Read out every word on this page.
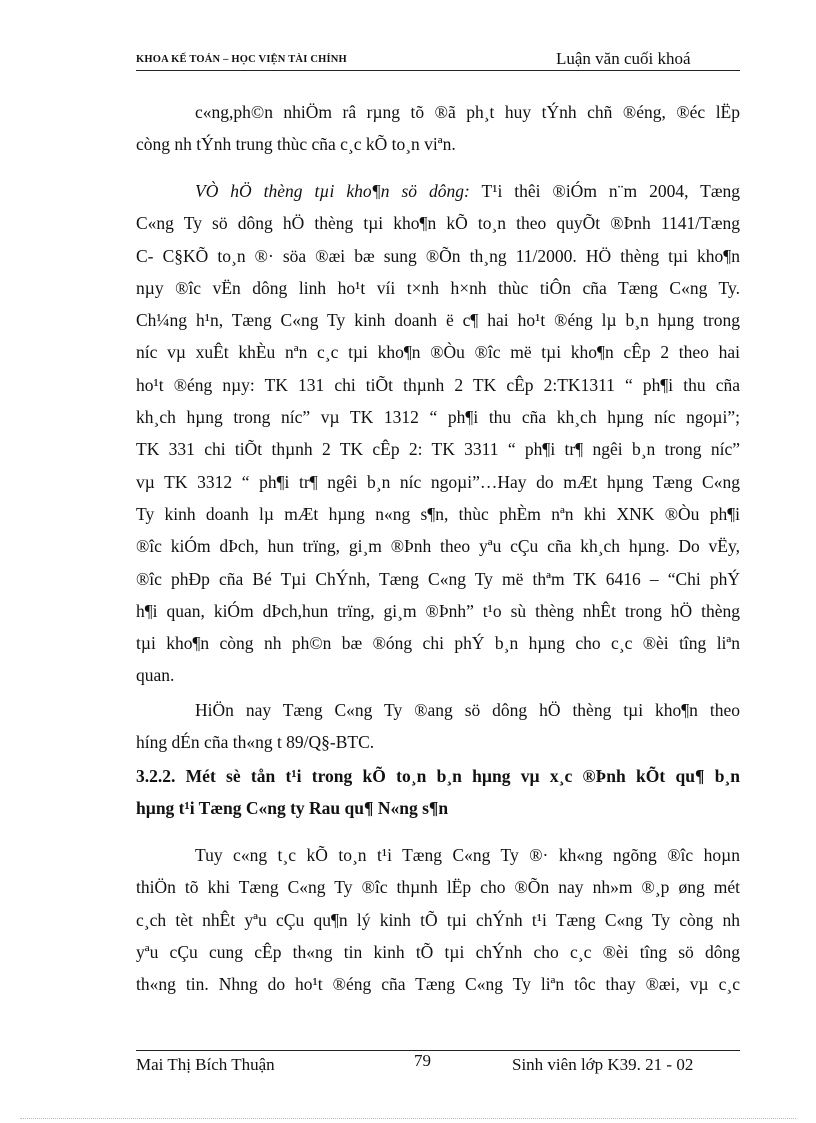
KHOA KẾ TOÁN – HỌC VIỆN TÀI CHÍNH	Luận văn cuối khoá

c«ng,ph©n nhiÖm râ rµng tõ ®ã ph¸t huy tÝnh chñ ®éng, ®éc lËp

còng nh tÝnh trung thùc cña c¸c kÕ to¸n viªn.

VÒ hÖ thèng tµi kho¶n sö dông: T¹i thêi ®iÓm n¨m 2004, Tæng

C«ng Ty sö dông hÖ thèng tµi kho¶n kÕ to¸n theo quyÕt ®Þnh 1141/Tæng

C- C§KÕ to¸n ®· söa ®æi bæ sung ®Õn th¸ng 11/2000. HÖ thèng tµi kho¶n

nµy ®îc vËn dông linh ho¹t víi t×nh h×nh thùc tiÔn cña Tæng C«ng Ty.

Ch¼ng h¹n, Tæng C«ng Ty kinh doanh ë c¶ hai ho¹t ®éng lµ b¸n hµng trong

níc vµ xuÊt khÈu nªn c¸c tµi kho¶n ®Òu ®îc më tµi kho¶n cÊp 2 theo hai

ho¹t ®éng nµy: TK 131 chi tiÕt thµnh 2 TK cÊp 2:TK1311 “ ph¶i thu cña

kh¸ch hµng trong níc” vµ TK 1312 “ ph¶i thu cña kh¸ch hµng níc ngoµi”;

TK 331 chi tiÕt thµnh 2 TK cÊp 2: TK 3311 “ ph¶i tr¶ ngêi b¸n trong níc”

vµ TK 3312 “ ph¶i tr¶ ngêi b¸n níc ngoµi”…Hay do mÆt hµng Tæng C«ng

Ty kinh doanh lµ mÆt hµng n«ng s¶n, thùc phÈm nªn khi XNK ®Òu ph¶i

®îc kiÓm dÞch, hun trïng, gi¸m ®Þnh theo yªu cÇu cña kh¸ch hµng. Do vËy,

®îc phÐp cña Bé Tµi ChÝnh, Tæng C«ng Ty më thªm TK 6416 – “Chi phÝ

h¶i quan, kiÓm dÞch,hun trïng, gi¸m ®Þnh” t¹o sù thèng nhÊt trong hÖ thèng

tµi kho¶n còng nh ph©n bæ ®óng chi phÝ b¸n hµng cho c¸c ®èi tîng liªn

quan.

HiÖn nay Tæng C«ng Ty ®ang sö dông hÖ thèng tµi kho¶n theo

híng dÉn cña th«ng t 89/Q§-BTC.

3.2.2. Mét sè tån t¹i trong kÕ to¸n b¸n hµng vµ x¸c ®Þnh kÕt qu¶ b¸n

hµng t¹i Tæng C«ng ty Rau qu¶ N«ng s¶n

Tuy c«ng t¸c kÕ to¸n t¹i Tæng C«ng Ty ®· kh«ng ngõng ®îc hoµn

thiÖn tõ khi Tæng C«ng Ty ®îc thµnh lËp cho ®Õn nay nh»m ®¸p øng mét

c¸ch tèt nhÊt yªu cÇu qu¶n lý kinh tÕ tµi chÝnh t¹i Tæng C«ng Ty còng nh

yªu cÇu cung cÊp th«ng tin kinh tÕ tµi chÝnh cho c¸c ®èi tîng sö dông

th«ng tin. Nhng do ho¹t ®éng cña Tæng C«ng Ty liªn tôc thay ®æi, vµ c¸c

Mai Thị Bích Thuận	79	Sinh viên lớp K39. 21 - 02
